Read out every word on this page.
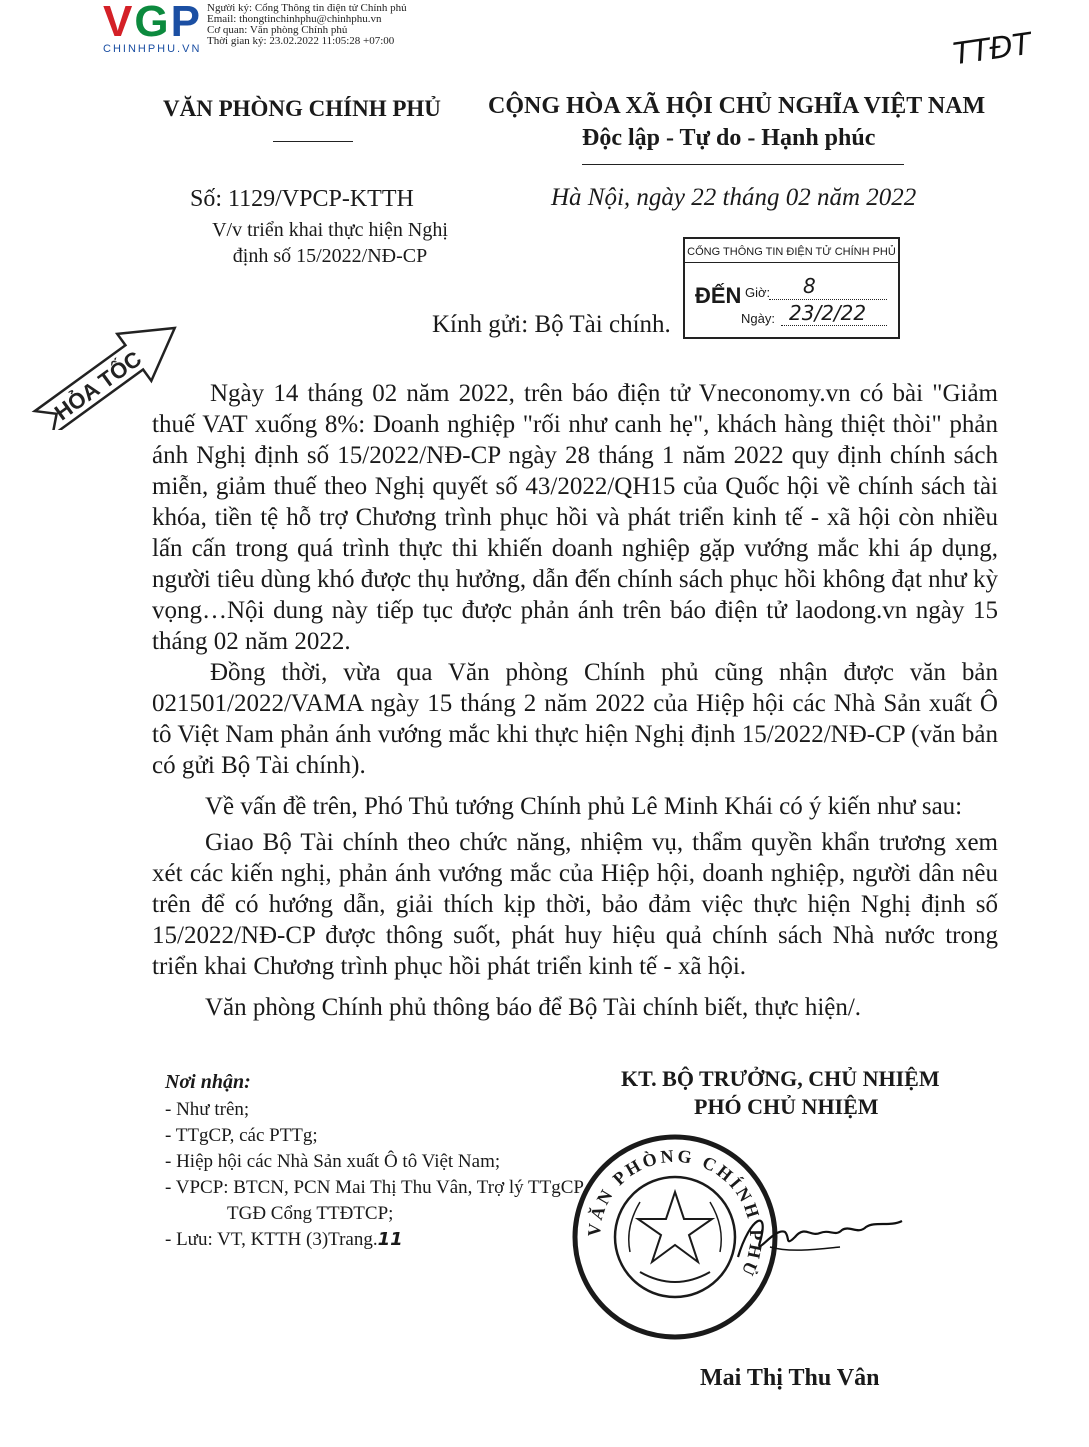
VGP
CHINHPHU.VN
Người ký: Cổng Thông tin điện tử Chính phủ
Email: thongtinchinhphu@chinhphu.vn
Cơ quan: Văn phòng Chính phủ
Thời gian ký: 23.02.2022 11:05:28 +07:00	TTĐT
VĂN PHÒNG CHÍNH PHỦ CỘNG HÒA XÃ HỘI CHỦ NGHĨA VIỆT NAM
Độc lập - Tự do - Hạnh phúc
Số: 1129/VPCP-KTTH
V/v triển khai thực hiện Nghị
định số 15/2022/NĐ-CP
Hà Nội, ngày 22 tháng 02 năm 2022
CỔNG THÔNG TIN ĐIỆN TỬ CHÍNH PHỦ
ĐẾN Giờ: 8
Ngày: 23/2/22
Kính gửi: Bộ Tài chính.
HỎA TỐC	Ngày 14 tháng 02 năm 2022, trên báo điện tử Vneconomy.vn có bài "Giảm thuế VAT xuống 8%: Doanh nghiệp "rối như canh hẹ", khách hàng thiệt thòi" phản ánh Nghị định số 15/2022/NĐ-CP ngày 28 tháng 1 năm 2022 quy định chính sách miễn, giảm thuế theo Nghị quyết số 43/2022/QH15 của Quốc hội về chính sách tài khóa, tiền tệ hỗ trợ Chương trình phục hồi và phát triển kinh tế - xã hội còn nhiều lấn cấn trong quá trình thực thi khiến doanh nghiệp gặp vướng mắc khi áp dụng, người tiêu dùng khó được thụ hưởng, dẫn đến chính sách phục hồi không đạt như kỳ vọng…Nội dung này tiếp tục được phản ánh trên báo điện tử laodong.vn ngày 15 tháng 02 năm 2022.
Đồng thời, vừa qua Văn phòng Chính phủ cũng nhận được văn bản 021501/2022/VAMA ngày 15 tháng 2 năm 2022 của Hiệp hội các Nhà Sản xuất Ô tô Việt Nam phản ánh vướng mắc khi thực hiện Nghị định 15/2022/NĐ-CP (văn bản có gửi Bộ Tài chính).
Về vấn đề trên, Phó Thủ tướng Chính phủ Lê Minh Khái có ý kiến như sau:
Giao Bộ Tài chính theo chức năng, nhiệm vụ, thẩm quyền khẩn trương xem xét các kiến nghị, phản ánh vướng mắc của Hiệp hội, doanh nghiệp, người dân nêu trên để có hướng dẫn, giải thích kịp thời, bảo đảm việc thực hiện Nghị định số 15/2022/NĐ-CP được thông suốt, phát huy hiệu quả chính sách Nhà nước trong triển khai Chương trình phục hồi phát triển kinh tế - xã hội.
Văn phòng Chính phủ thông báo để Bộ Tài chính biết, thực hiện/.
Nơi nhận:
- Như trên;
- TTgCP, các PTTg;
- Hiệp hội các Nhà Sản xuất Ô tô Việt Nam;
- VPCP: BTCN, PCN Mai Thị Thu Vân, Trợ lý TTgCP,
TGĐ Cổng TTĐTCP;
- Lưu: VT, KTTH (3)Trang.11
KT. BỘ TRƯỞNG, CHỦ NHIỆM
PHÓ CHỦ NHIỆM
VĂN PHÒNG CHÍNH PHỦ
Mai Thị Thu Vân
